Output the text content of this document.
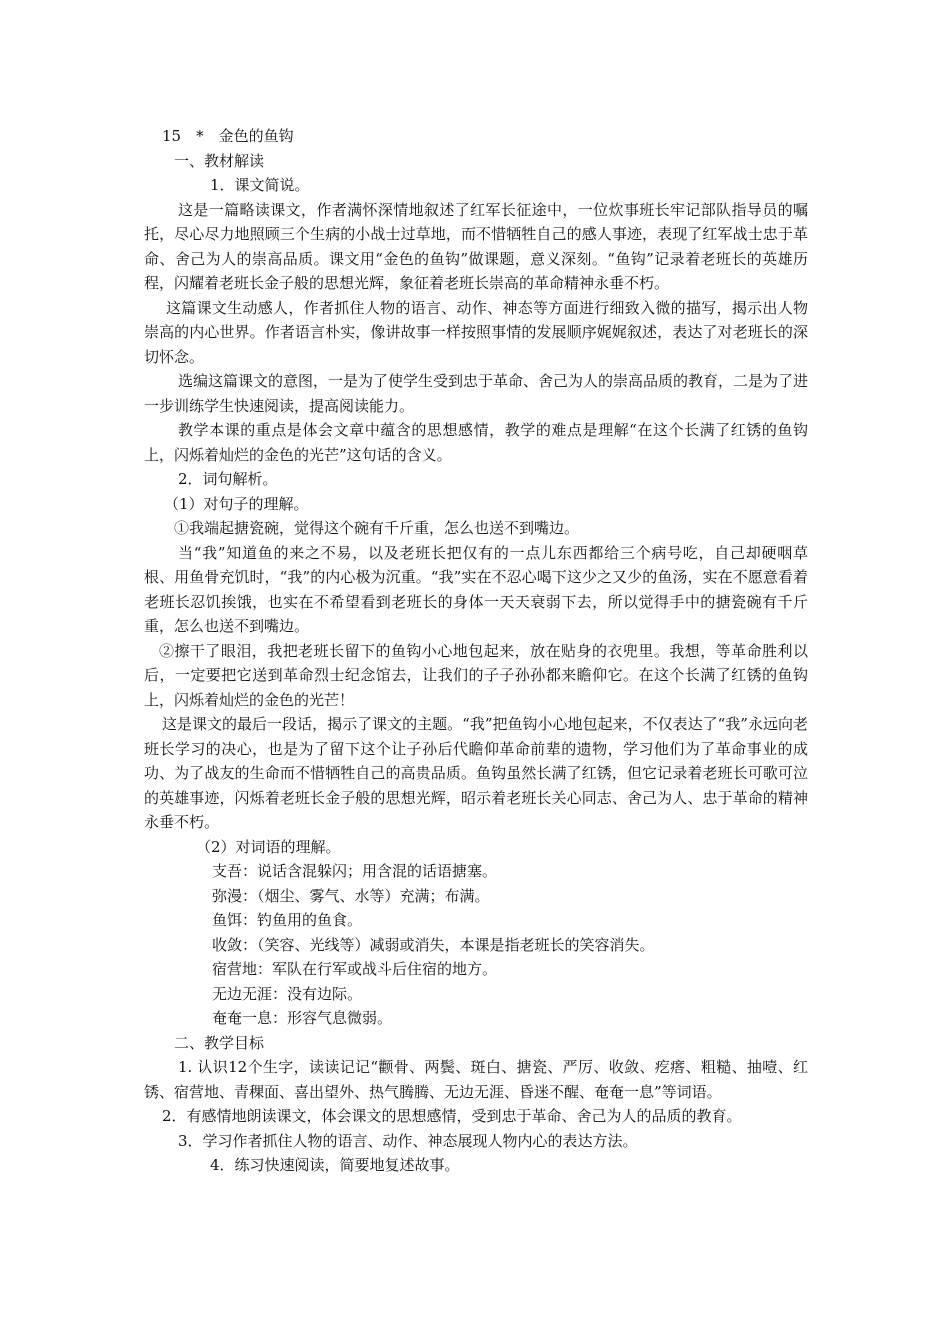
15　*　金色的鱼钩

一、教材解读

1．课文简说。

这是一篇略读课文，作者满怀深情地叙述了红军长征途中，一位炊事班长牢记部队指导员的嘱托，尽心尽力地照顾三个生病的小战士过草地，而不惜牺牲自己的感人事迹，表现了红军战士忠于革命、舍己为人的崇高品质。课文用“金色的鱼钩”做课题，意义深刻。“鱼钩”记录着老班长的英雄历程，闪耀着老班长金子般的思想光辉，象征着老班长崇高的革命精神永垂不朽。

这篇课文生动感人，作者抓住人物的语言、动作、神态等方面进行细致入微的描写，揭示出人物崇高的内心世界。作者语言朴实，像讲故事一样按照事情的发展顺序娓娓叙述，表达了对老班长的深切怀念。

选编这篇课文的意图，一是为了使学生受到忠于革命、舍己为人的崇高品质的教育，二是为了进一步训练学生快速阅读，提高阅读能力。

教学本课的重点是体会文章中蕴含的思想感情，教学的难点是理解“在这个长满了红锈的鱼钩上，闪烁着灿烂的金色的光芒”这句话的含义。

2．词句解析。

（1）对句子的理解。

①我端起搪瓷碗，觉得这个碗有千斤重，怎么也送不到嘴边。

当“我”知道鱼的来之不易，以及老班长把仅有的一点儿东西都给三个病号吃，自己却硬咽草根、用鱼骨充饥时，“我”的内心极为沉重。“我”实在不忍心喝下这少之又少的鱼汤，实在不愿意看着老班长忍饥挨饿，也实在不希望看到老班长的身体一天天衰弱下去，所以觉得手中的搪瓷碗有千斤重，怎么也送不到嘴边。

②擦干了眼泪，我把老班长留下的鱼钩小心地包起来，放在贴身的衣兜里。我想，等革命胜利以后，一定要把它送到革命烈士纪念馆去，让我们的子子孙孙都来瞻仰它。在这个长满了红锈的鱼钩上，闪烁着灿烂的金色的光芒！

这是课文的最后一段话，揭示了课文的主题。“我”把鱼钩小心地包起来，不仅表达了“我”永远向老班长学习的决心，也是为了留下这个让子孙后代瞻仰革命前辈的遗物，学习他们为了革命事业的成功、为了战友的生命而不惜牺牲自己的高贵品质。鱼钩虽然长满了红锈，但它记录着老班长可歌可泣的英雄事迹，闪烁着老班长金子般的思想光辉，昭示着老班长关心同志、舍己为人、忠于革命的精神永垂不朽。

（2）对词语的理解。

支吾：说话含混躲闪；用含混的话语搪塞。

弥漫：（烟尘、雾气、水等）充满；布满。

鱼饵：钓鱼用的鱼食。

收敛：（笑容、光线等）减弱或消失，本课是指老班长的笑容消失。

宿营地：军队在行军或战斗后住宿的地方。

无边无涯：没有边际。

奄奄一息：形容气息微弱。

二、教学目标

1. 认识12个生字，读读记记“颧骨、两鬓、斑白、搪瓷、严厉、收敛、疙瘩、粗糙、抽噎、红锈、宿营地、青稞面、喜出望外、热气腾腾、无边无涯、昏迷不醒、奄奄一息”等词语。

2．有感情地朗读课文，体会课文的思想感情，受到忠于革命、舍己为人的品质的教育。

3．学习作者抓住人物的语言、动作、神态展现人物内心的表达方法。

4．练习快速阅读，简要地复述故事。
